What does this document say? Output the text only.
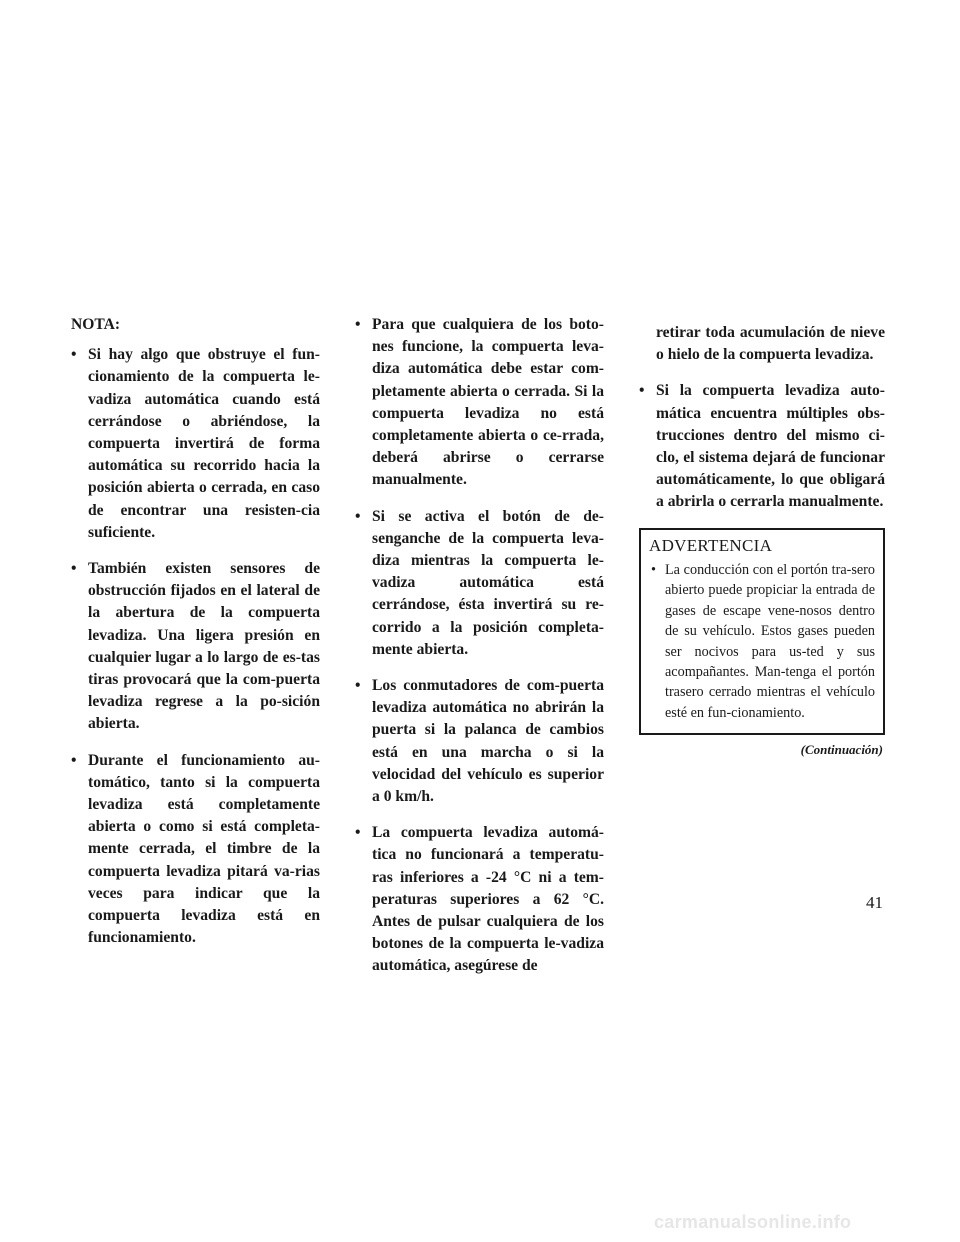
NOTA:

• Si hay algo que obstruye el fun-cionamiento de la compuerta le-vadiza automática cuando está cerrándose o abriéndose, la compuerta invertirá de forma automática su recorrido hacia la posición abierta o cerrada, en caso de encontrar una resisten-cia suficiente.
• También existen sensores de obstrucción fijados en el lateral de la abertura de la compuerta levadiza. Una ligera presión en cualquier lugar a lo largo de es-tas tiras provocará que la com-puerta levadiza regrese a la po-sición abierta.
• Durante el funcionamiento au-tomático, tanto si la compuerta levadiza está completamente abierta o como si está completa-mente cerrada, el timbre de la compuerta levadiza pitará va-rias veces para indicar que la compuerta levadiza está en funcionamiento.
• Para que cualquiera de los boto-nes funcione, la compuerta leva-diza automática debe estar com-pletamente abierta o cerrada. Si la compuerta levadiza no está completamente abierta o ce-rrada, deberá abrirse o cerrarse manualmente.
• Si se activa el botón de de-senganche de la compuerta leva-diza mientras la compuerta le-vadiza automática está cerrándose, ésta invertirá su re-corrido a la posición completa-mente abierta.
• Los conmutadores de com-puerta levadiza automática no abrirán la puerta si la palanca de cambios está en una marcha o si la velocidad del vehículo es superior a 0 km/h.
• La compuerta levadiza automá-tica no funcionará a temperatu-ras inferiores a -24 °C ni a tem-peraturas superiores a 62 °C. Antes de pulsar cualquiera de los botones de la compuerta le-vadiza automática, asegúrese de
retirar toda acumulación de nieve o hielo de la compuerta levadiza.
• Si la compuerta levadiza auto-mática encuentra múltiples obs-trucciones dentro del mismo ci-clo, el sistema dejará de funcionar automáticamente, lo que obligará a abrirla o cerrarla manualmente.
ADVERTENCIA
• La conducción con el portón tra-sero abierto puede propiciar la entrada de gases de escape vene-nosos dentro de su vehículo. Estos gases pueden ser nocivos para us-ted y sus acompañantes. Man-tenga el portón trasero cerrado mientras el vehículo esté en fun-cionamiento.
(Continuación)
41
carmanualsonline.info
